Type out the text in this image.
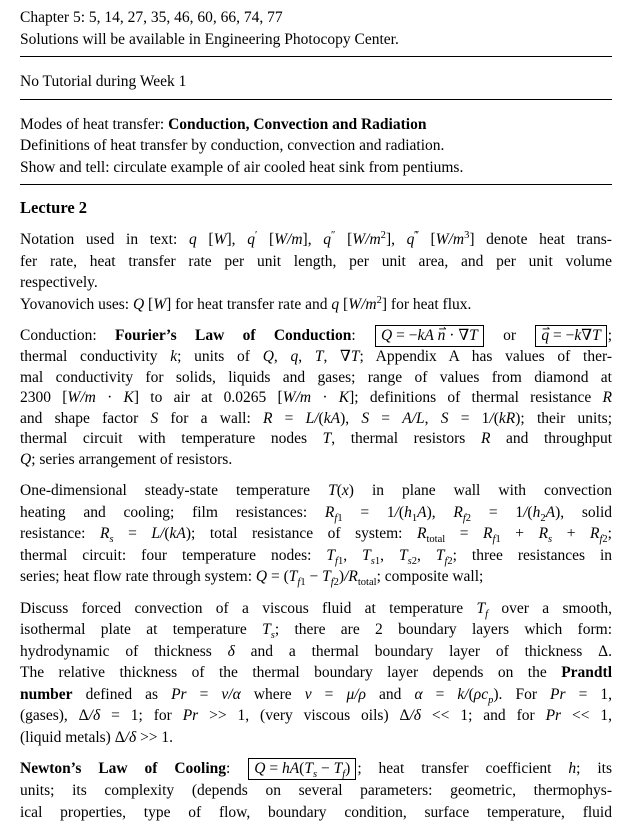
Chapter 5: 5, 14, 27, 35, 46, 60, 66, 74, 77
Solutions will be available in Engineering Photocopy Center.
No Tutorial during Week 1
Modes of heat transfer: Conduction, Convection and Radiation
Definitions of heat transfer by conduction, convection and radiation.
Show and tell: circulate example of air cooled heat sink from pentiums.
Lecture 2
Notation used in text: q [W], q′ [W/m], q″ $[W/m^2]$, q‴ $[W/m^3]$ denote heat trans-
fer rate, heat transfer rate per unit length, per unit area, and per unit volume
respectively.
Yovanovich uses: Q [W] for heat transfer rate and q $[W/m^2]$ for heat flux.
Conduction: Fourier’s Law of Conduction: Q = −kA ⇀ n · ∇T or ⇀ q = −k∇T ;
thermal conductivity k; units of Q, q, T, ∇T; Appendix A has values of ther-
mal conductivity for solids, liquids and gases; range of values from diamond at
2300 [W/m · K] to air at 0.0265 [W/m · K]; definitions of thermal resistance R
and shape factor S for a wall: R = L/(kA), S = A/L, S = 1/(kR); their units;
thermal circuit with temperature nodes T, thermal resistors R and throughput
Q; series arrangement of resistors.
One-dimensional steady-state temperature T(x) in plane wall with convection
heating and cooling; film resistances: $R_{f1} = 1/(h_1A)$, $R_{f2} = 1/(h_2A)$, solid
resistance: $R_s = L/(kA)$; total resistance of system: $R_{total} = R_{f1} + R_s + R_{f2}$;
thermal circuit: four temperature nodes: $T_{f1}$, $T_{s1}$, $T_{s2}$, $T_{f2}$; three resistances in
series; heat flow rate through system: $Q = (T_{f1} - T_{f2})/R_{total}$; composite wall;
Discuss forced convection of a viscous fluid at temperature $T_f$ over a smooth,
isothermal plate at temperature $T_s$; there are 2 boundary layers which form:
hydrodynamic of thickness δ and a thermal boundary layer of thickness Δ.
The relative thickness of the thermal boundary layer depends on the Prandtl
number defined as Pr = ν/α where ν = μ/ρ and $\alpha = k/(\rho c_p)$. For Pr = 1,
(gases), Δ/δ = 1; for Pr >> 1, (very viscous oils) Δ/δ << 1; and for Pr << 1,
(liquid metals) Δ/δ >> 1.
Newton’s Law of Cooling: $Q = hA(T_s - T_f)$ ; heat transfer coefficient h; its
units; its complexity (depends on several parameters: geometric, thermophys-
ical properties, type of flow, boundary condition, surface temperature, fluid
